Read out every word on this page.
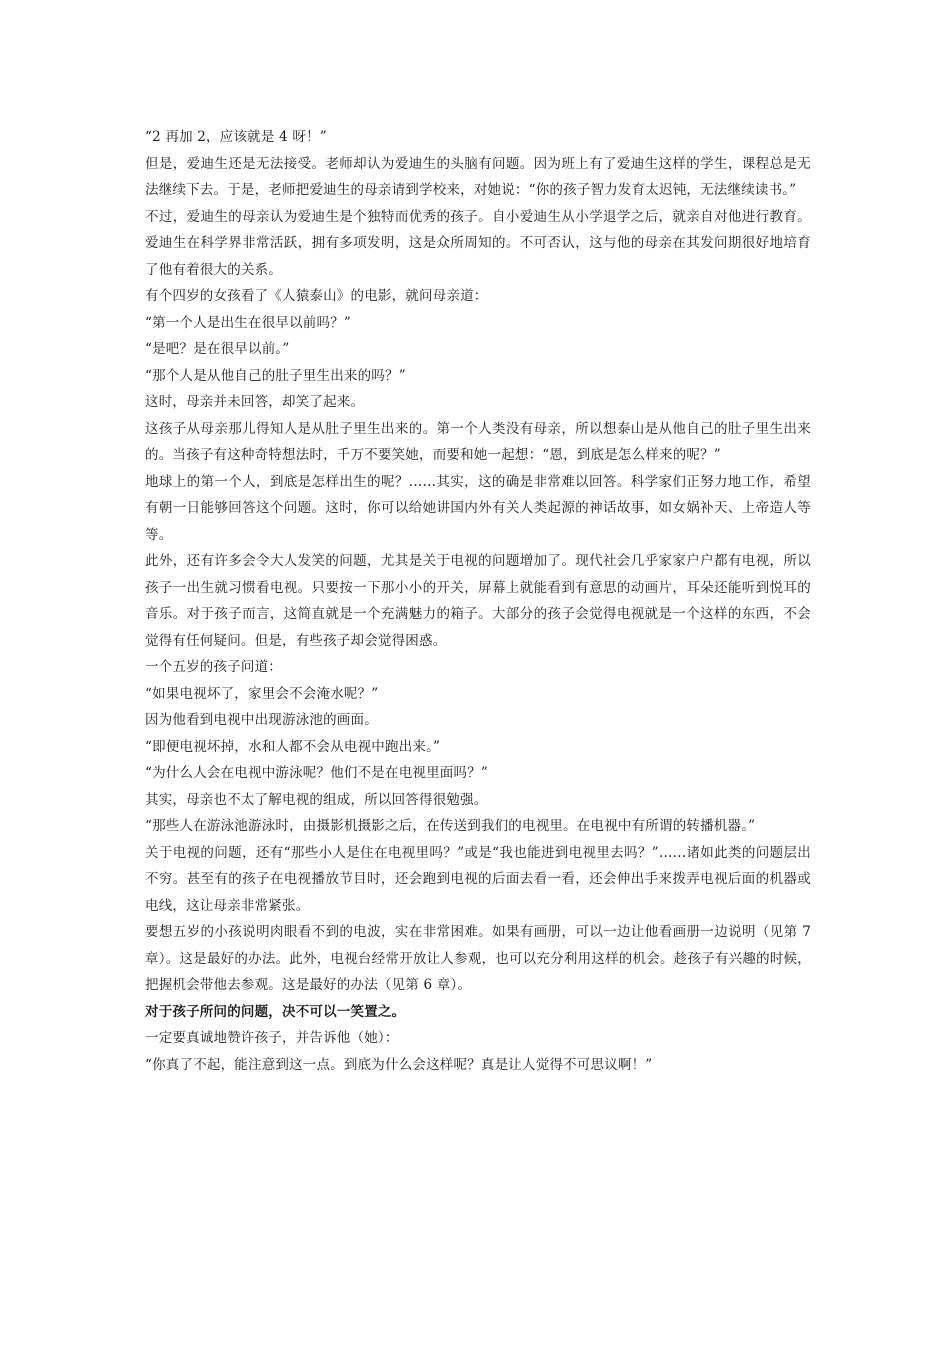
“2 再加 2，应该就是 4 呀！”

但是，爱迪生还是无法接受。老师却认为爱迪生的头脑有问题。因为班上有了爱迪生这样的学生，课程总是无法继续下去。于是，老师把爱迪生的母亲请到学校来，对她说：“你的孩子智力发育太迟钝，无法继续读书。”

不过，爱迪生的母亲认为爱迪生是个独特而优秀的孩子。自小爱迪生从小学退学之后，就亲自对他进行教育。爱迪生在科学界非常活跃，拥有多项发明，这是众所周知的。不可否认，这与他的母亲在其发问期很好地培育了他有着很大的关系。

有个四岁的女孩看了《人猿泰山》的电影，就问母亲道：

“第一个人是出生在很早以前吗？”

“是吧？是在很早以前。”

“那个人是从他自己的肚子里生出来的吗？”

这时，母亲并未回答，却笑了起来。

这孩子从母亲那儿得知人是从肚子里生出来的。第一个人类没有母亲，所以想泰山是从他自己的肚子里生出来的。当孩子有这种奇特想法时，千万不要笑她，而要和她一起想：“恩，到底是怎么样来的呢？”

地球上的第一个人，到底是怎样出生的呢？……其实，这的确是非常难以回答。科学家们正努力地工作，希望有朝一日能够回答这个问题。这时，你可以给她讲国内外有关人类起源的神话故事，如女娲补天、上帝造人等等。

此外，还有许多会令大人发笑的问题，尤其是关于电视的问题增加了。现代社会几乎家家户户都有电视，所以孩子一出生就习惯看电视。只要按一下那小小的开关，屏幕上就能看到有意思的动画片，耳朵还能听到悦耳的音乐。对于孩子而言，这简直就是一个充满魅力的箱子。大部分的孩子会觉得电视就是一个这样的东西，不会觉得有任何疑问。但是，有些孩子却会觉得困惑。

一个五岁的孩子问道：

“如果电视坏了，家里会不会淹水呢？”

因为他看到电视中出现游泳池的画面。

“即便电视坏掉，水和人都不会从电视中跑出来。”

“为什么人会在电视中游泳呢？他们不是在电视里面吗？”

其实，母亲也不太了解电视的组成，所以回答得很勉强。

“那些人在游泳池游泳时，由摄影机摄影之后，在传送到我们的电视里。在电视中有所谓的转播机器。”

关于电视的问题，还有“那些小人是住在电视里吗？”或是“我也能进到电视里去吗？”……诸如此类的问题层出不穷。甚至有的孩子在电视播放节目时，还会跑到电视的后面去看一看，还会伸出手来拨弄电视后面的机器或电线，这让母亲非常紧张。

要想五岁的小孩说明肉眼看不到的电波，实在非常困难。如果有画册，可以一边让他看画册一边说明（见第 7 章）。这是最好的办法。此外，电视台经常开放让人参观，也可以充分利用这样的机会。趁孩子有兴趣的时候，把握机会带他去参观。这是最好的办法（见第 6 章）。

对于孩子所问的问题，决不可以一笑置之。

一定要真诚地赞许孩子，并告诉他（她）：

“你真了不起，能注意到这一点。到底为什么会这样呢？真是让人觉得不可思议啊！”
